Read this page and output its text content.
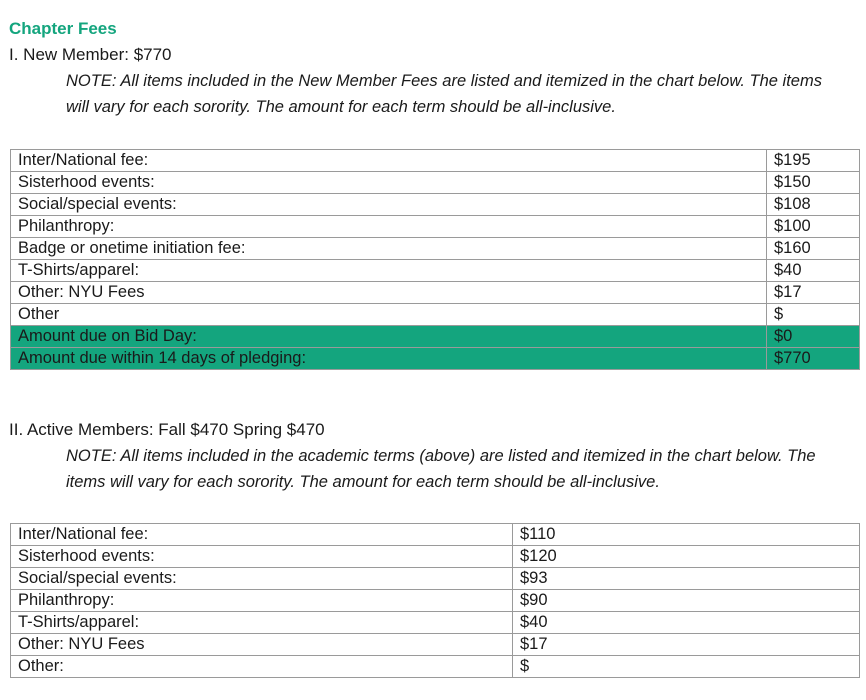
Chapter Fees
I. New Member: $770
NOTE: All items included in the New Member Fees are listed and itemized in the chart below. The items will vary for each sorority. The amount for each term should be all-inclusive.
Inter/National fee:	$195
Sisterhood events:	$150
Social/special events:	$108
Philanthropy:	$100
Badge or onetime initiation fee:	$160
T-Shirts/apparel:	$40
Other: NYU Fees	$17
Other	$
Amount due on Bid Day:	$0
Amount due within 14 days of pledging:	$770
II. Active Members: Fall $470 Spring $470
NOTE: All items included in the academic terms (above) are listed and itemized in the chart below. The items will vary for each sorority. The amount for each term should be all-inclusive.
Inter/National fee:	$110
Sisterhood events:	$120
Social/special events:	$93
Philanthropy:	$90
T-Shirts/apparel:	$40
Other: NYU Fees	$17
Other:	$
